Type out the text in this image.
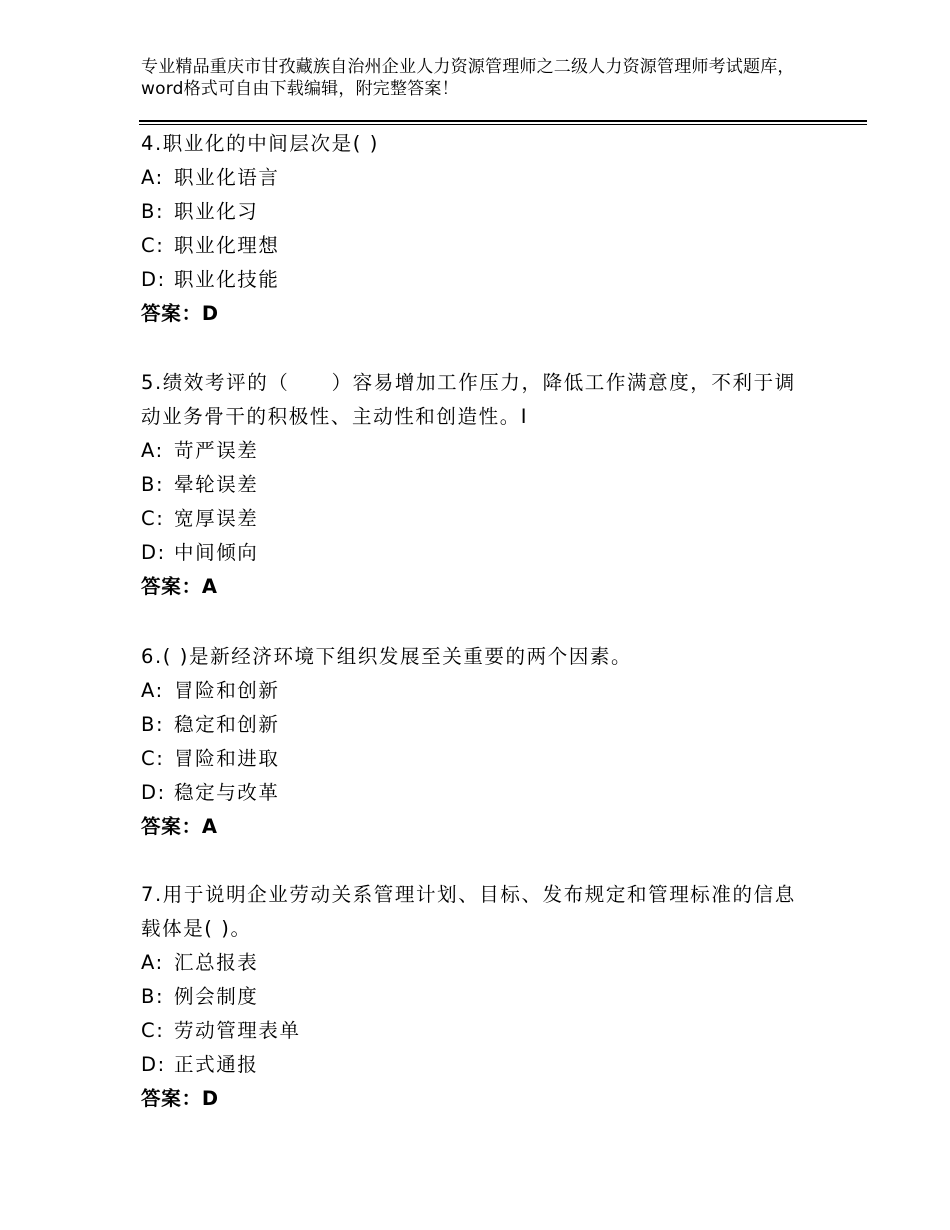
专业精品重庆市甘孜藏族自治州企业人力资源管理师之二级人力资源管理师考试题库，word格式可自由下载编辑，附完整答案！
4.职业化的中间层次是( )
A: 职业化语言
B: 职业化习
C: 职业化理想
D: 职业化技能
答案：D
5.绩效考评的（　　）容易增加工作压力，降低工作满意度，不利于调动业务骨干的积极性、主动性和创造性。I
A: 苛严误差
B: 晕轮误差
C: 宽厚误差
D: 中间倾向
答案：A
6.( )是新经济环境下组织发展至关重要的两个因素。
A: 冒险和创新
B: 稳定和创新
C: 冒险和进取
D: 稳定与改革
答案：A
7.用于说明企业劳动关系管理计划、目标、发布规定和管理标准的信息载体是( )。
A: 汇总报表
B: 例会制度
C: 劳动管理表单
D: 正式通报
答案：D
